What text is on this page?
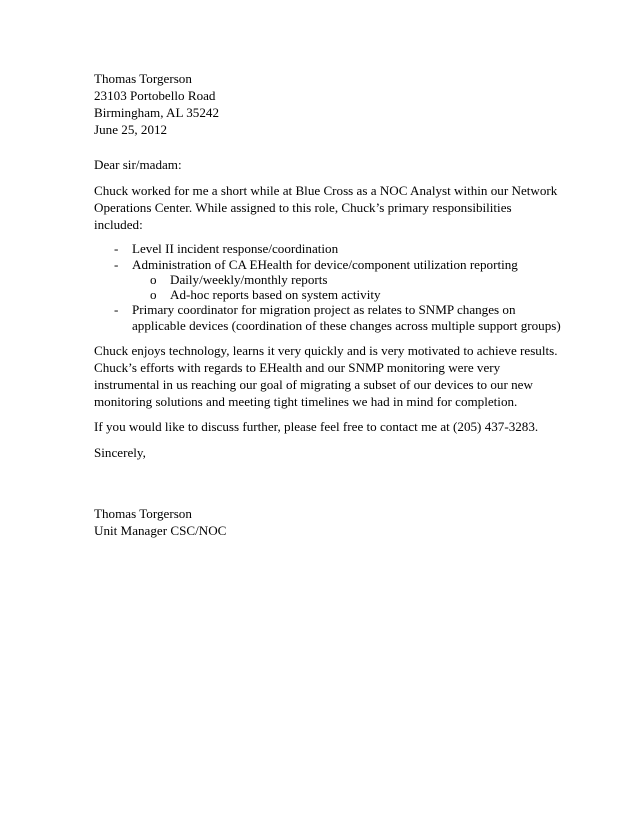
Thomas Torgerson
23103 Portobello Road
Birmingham, AL 35242
June 25, 2012
Dear sir/madam:
Chuck worked for me a short while at Blue Cross as a NOC Analyst within our Network
Operations Center. While assigned to this role, Chuck’s primary responsibilities
included:
- Level II incident response/coordination
- Administration of CA EHealth for device/component utilization reporting
o Daily/weekly/monthly reports
o Ad-hoc reports based on system activity
- Primary coordinator for migration project as relates to SNMP changes on
applicable devices (coordination of these changes across multiple support groups)
Chuck enjoys technology, learns it very quickly and is very motivated to achieve results.
Chuck’s efforts with regards to EHealth and our SNMP monitoring were very
instrumental in us reaching our goal of migrating a subset of our devices to our new
monitoring solutions and meeting tight timelines we had in mind for completion.
If you would like to discuss further, please feel free to contact me at (205) 437-3283.
Sincerely,
Thomas Torgerson
Unit Manager CSC/NOC
